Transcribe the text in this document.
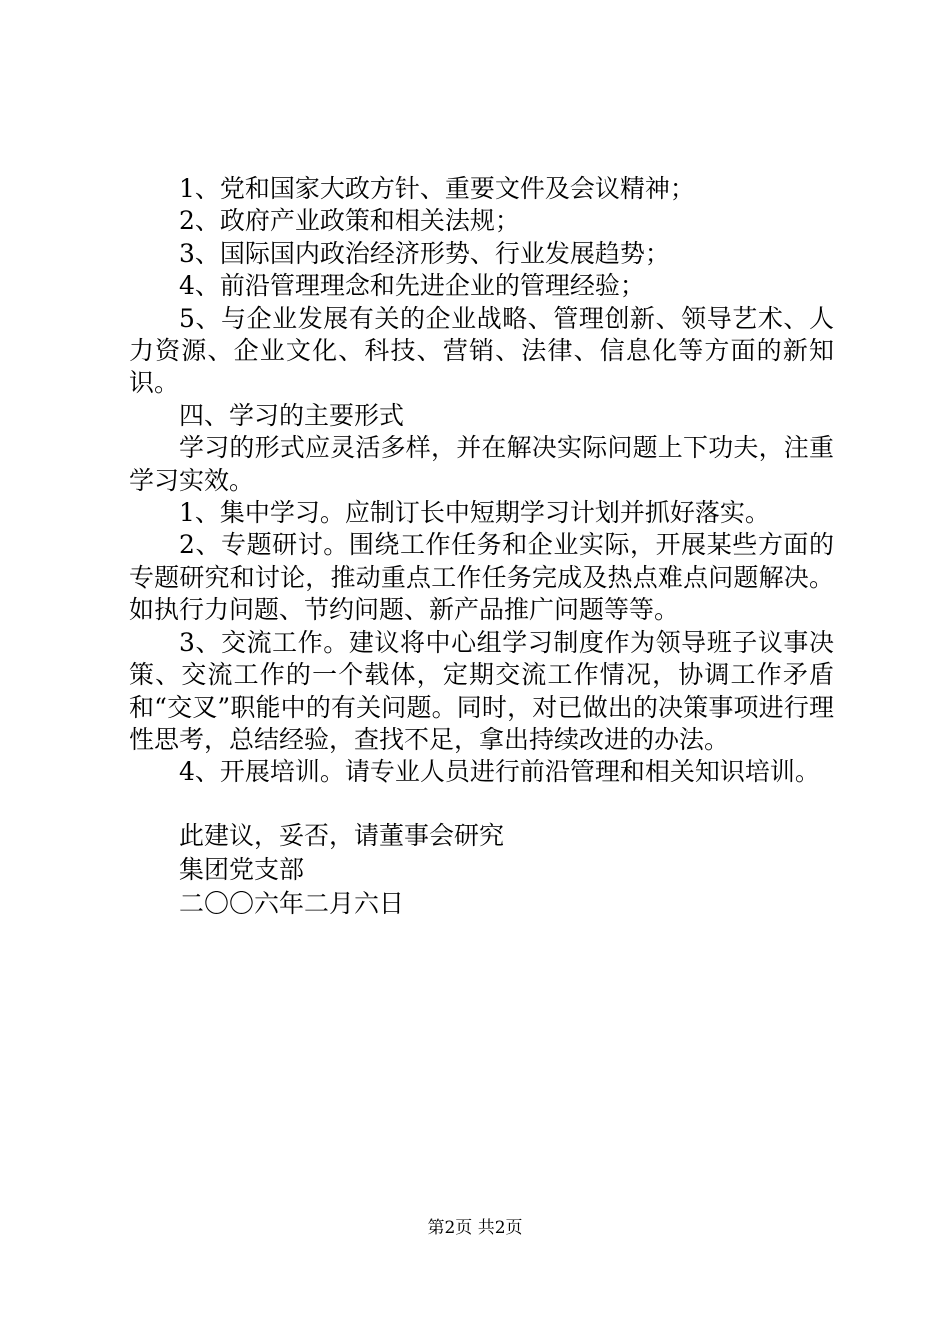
1、党和国家大政方针、重要文件及会议精神；

2、政府产业政策和相关法规；

3、国际国内政治经济形势、行业发展趋势；

4、前沿管理理念和先进企业的管理经验；

5、与企业发展有关的企业战略、管理创新、领导艺术、人力资源、企业文化、科技、营销、法律、信息化等方面的新知识。

四、学习的主要形式

学习的形式应灵活多样，并在解决实际问题上下功夫，注重学习实效。

1、集中学习。应制订长中短期学习计划并抓好落实。

2、专题研讨。围绕工作任务和企业实际，开展某些方面的专题研究和讨论，推动重点工作任务完成及热点难点问题解决。如执行力问题、节约问题、新产品推广问题等等。

3、交流工作。建议将中心组学习制度作为领导班子议事决策、交流工作的一个载体，定期交流工作情况，协调工作矛盾和“交叉”职能中的有关问题。同时，对已做出的决策事项进行理性思考，总结经验，查找不足，拿出持续改进的办法。

4、开展培训。请专业人员进行前沿管理和相关知识培训。

此建议，妥否，请董事会研究

集团党支部

二〇〇六年二月六日

第2页 共2页
